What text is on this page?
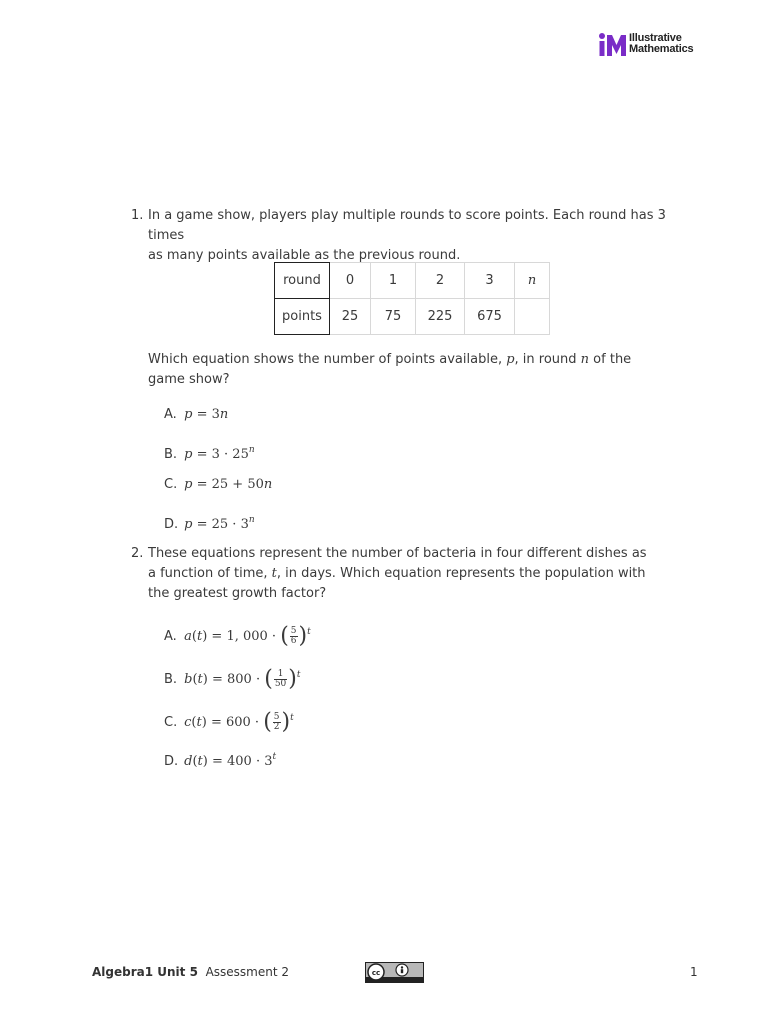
Illustrative
Mathematics
1. In a game show, players play multiple rounds to score points. Each round has 3 times
as many points available as the previous round.
round	0	1	2	3	n
points	25	75	225	675	
Which equation shows the number of points available, p, in round n of the game show?
A. p = 3n
B. $p = 3 \cdot 25^n$
C. p = 25 + 50n
D. $p = 25 \cdot 3^n$
2. These equations represent the number of bacteria in four different dishes as a function of time, t, in days. Which equation represents the population with the greatest growth factor?
A. a(t) = 1, 000 · ( $\frac{5}{6} )^t$
B. b(t) = 800 · ( $\frac{1}{50} )^t$
C. c(t) = 600 · ( $\frac{5}{2} )^t$
D. $d(t) = 400 \cdot 3^t$
Algebra1 Unit 5 Assessment 2	cc	1
